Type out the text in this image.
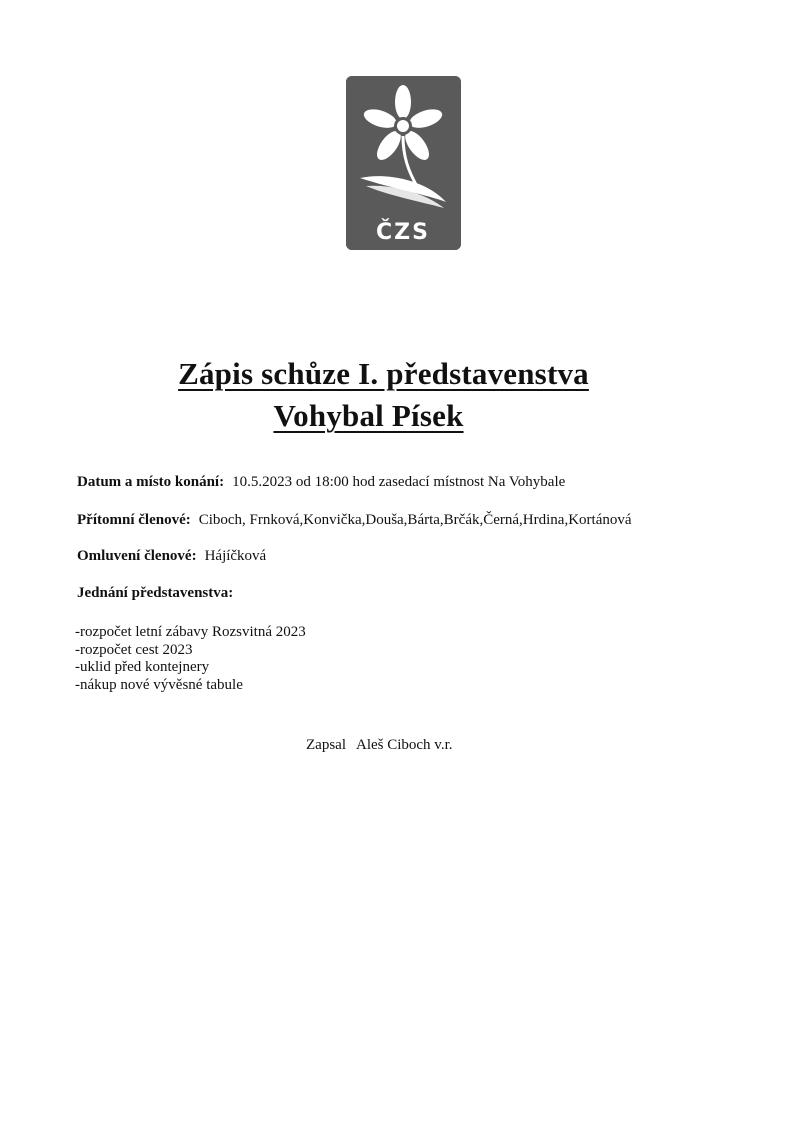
ČZS
Zápis schůze I. představenstva
Vohybal Písek
Datum a místo konání: 10.5.2023 od 18:00 hod zasedací místnost Na Vohybale
Přítomní členové: Ciboch, Frnková,Konvička,Douša,Bárta,Brčák,Černá,Hrdina,Kortánová
Omluvení členové: Hájíčková
Jednání představenstva:
-rozpočet letní zábavy Rozsvitná 2023
-rozpočet cest 2023
-uklid před kontejnery
-nákup nové vývěsné tabule
Zapsal Aleš Ciboch v.r.
